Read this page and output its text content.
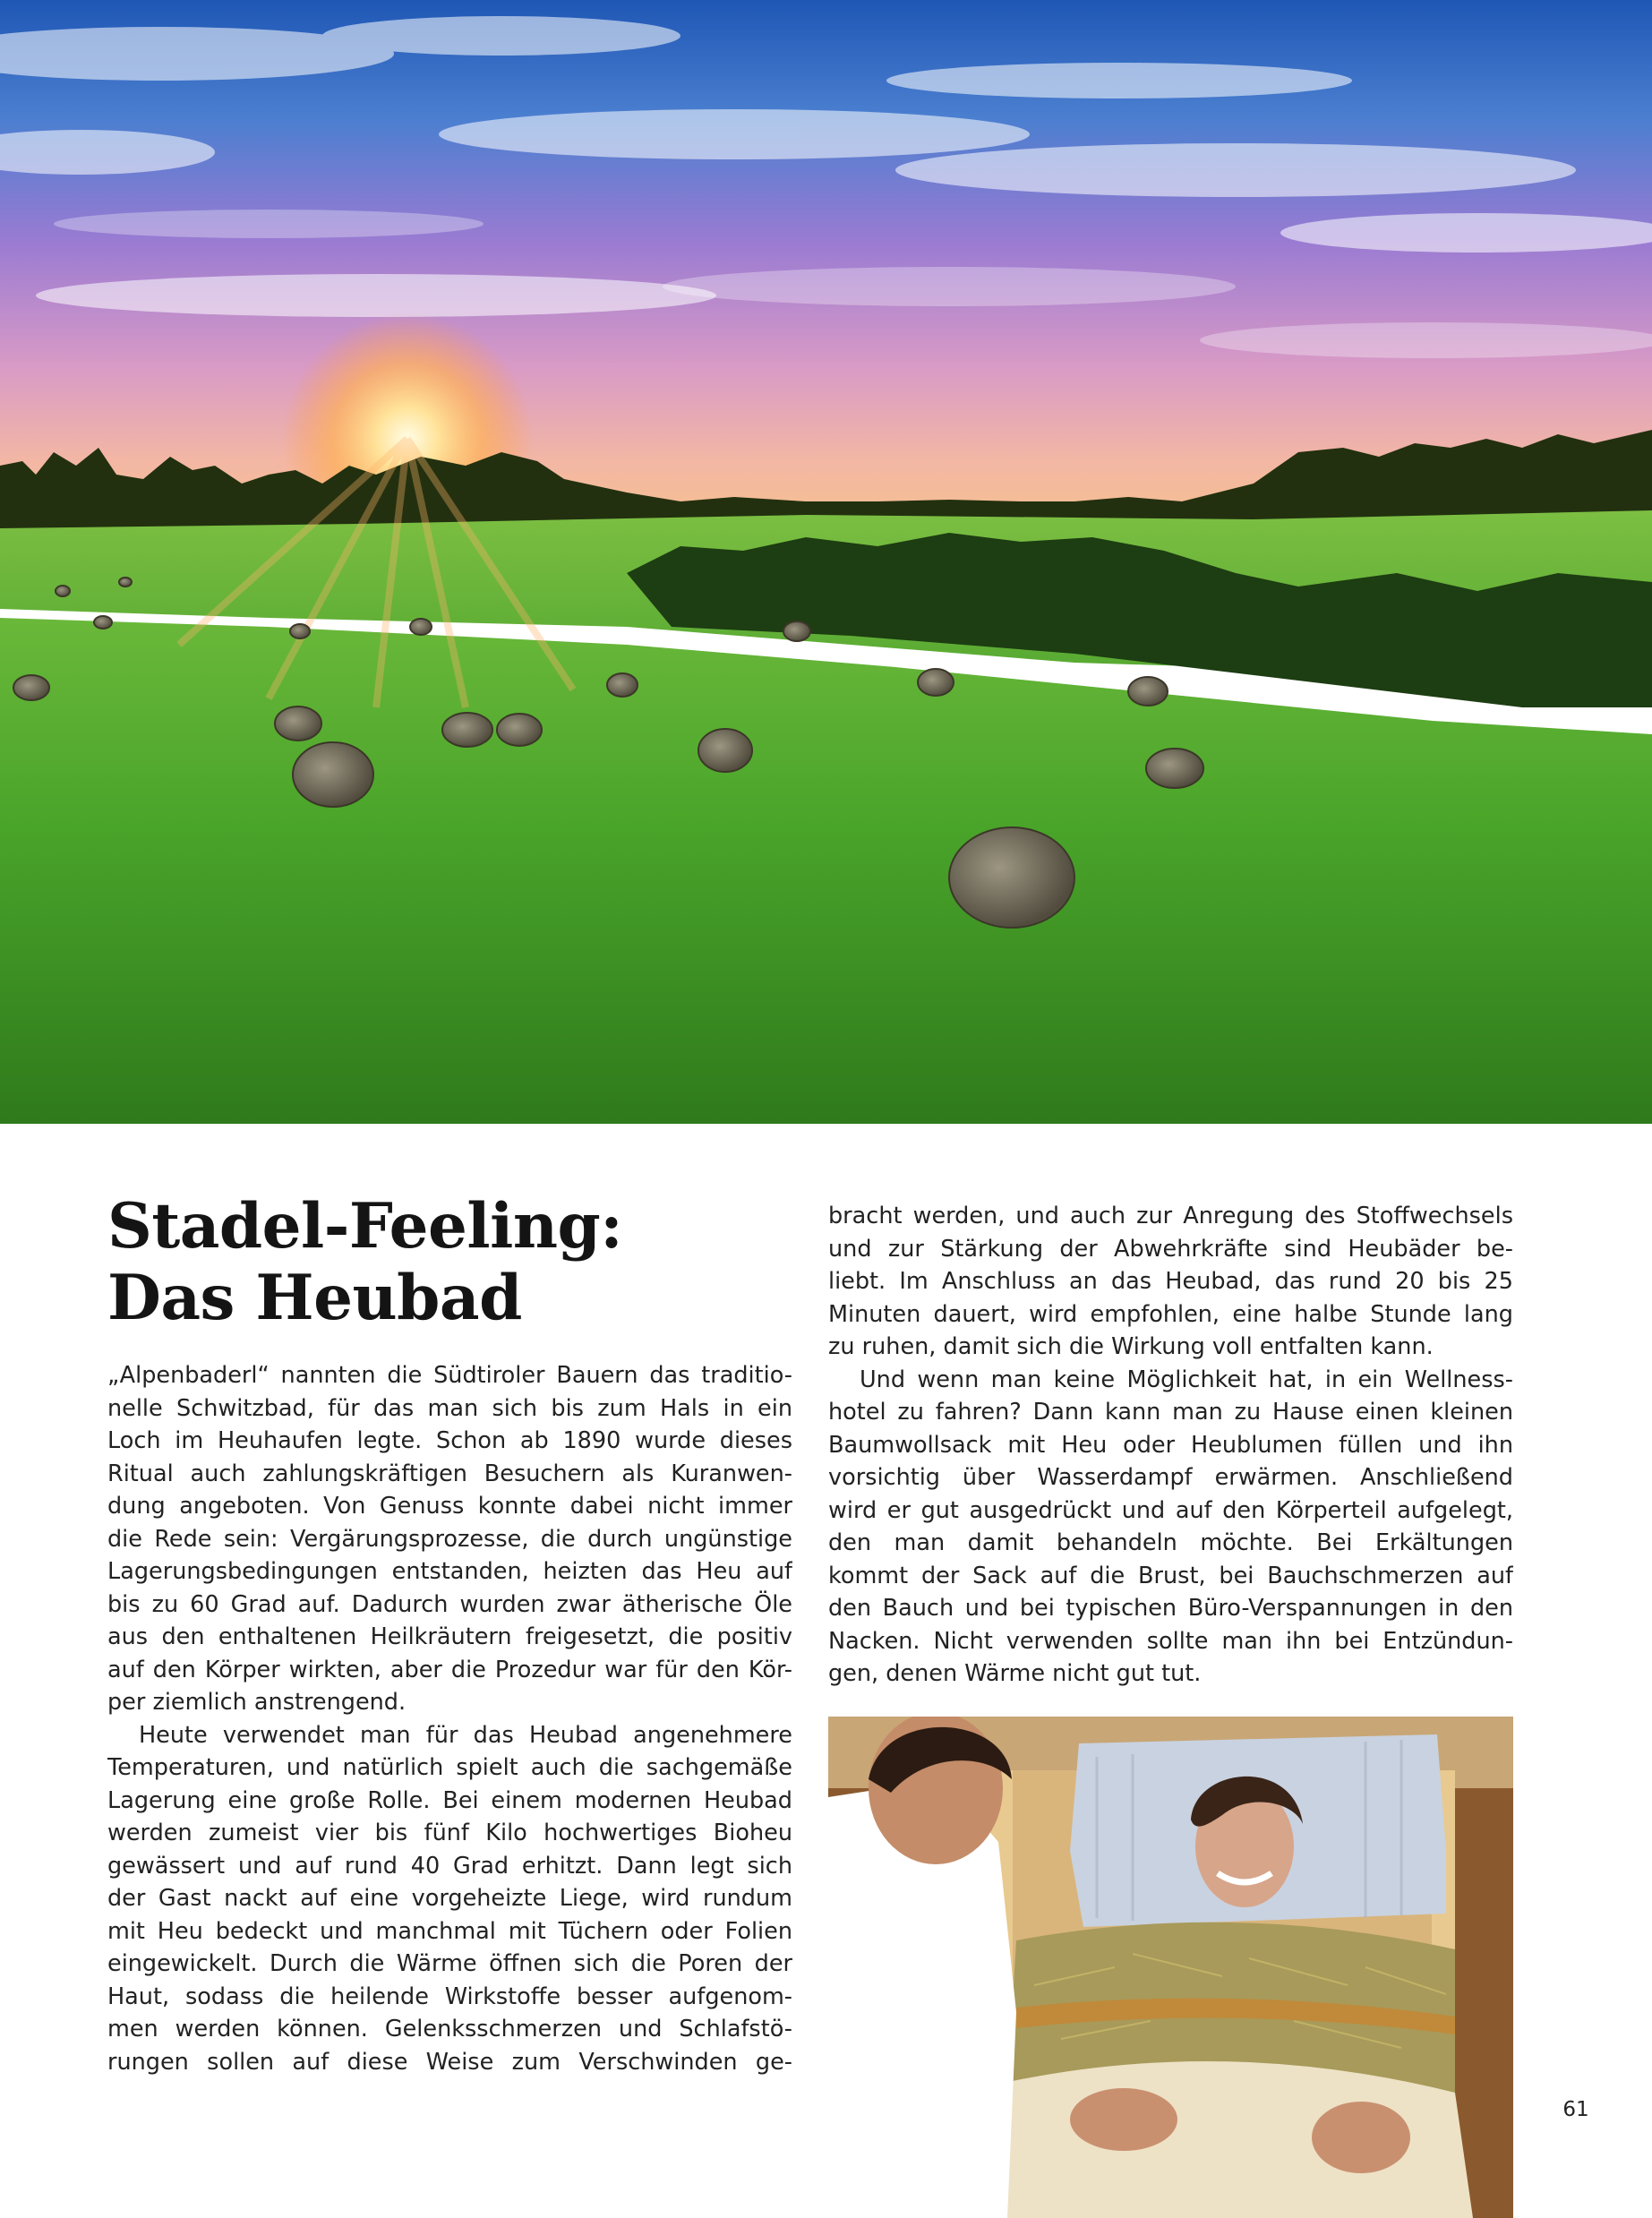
Stadel-Feeling:
Das Heubad
„Alpenbaderl“ nannten die Südtiroler Bauern das traditio-
nelle Schwitzbad, für das man sich bis zum Hals in ein
Loch im Heuhaufen legte. Schon ab 1890 wurde dieses
Ritual auch zahlungskräftigen Besuchern als Kuranwen-
dung angeboten. Von Genuss konnte dabei nicht immer
die Rede sein: Vergärungsprozesse, die durch ungünstige
Lagerungsbedingungen entstanden, heizten das Heu auf
bis zu 60 Grad auf. Dadurch wurden zwar ätherische Öle
aus den enthaltenen Heilkräutern freigesetzt, die positiv
auf den Körper wirkten, aber die Prozedur war für den Kör-
per ziemlich anstrengend.
Heute verwendet man für das Heubad angenehmere
Temperaturen, und natürlich spielt auch die sachgemäße
Lagerung eine große Rolle. Bei einem modernen Heubad
werden zumeist vier bis fünf Kilo hochwertiges Bioheu
gewässert und auf rund 40 Grad erhitzt. Dann legt sich
der Gast nackt auf eine vorgeheizte Liege, wird rundum
mit Heu bedeckt und manchmal mit Tüchern oder Folien
eingewickelt. Durch die Wärme öffnen sich die Poren der
Haut, sodass die heilende Wirkstoffe besser aufgenom-
men werden können. Gelenksschmerzen und Schlafstö-
rungen sollen auf diese Weise zum Verschwinden ge-
bracht werden, und auch zur Anregung des Stoffwechsels
und zur Stärkung der Abwehrkräfte sind Heubäder be-
liebt. Im Anschluss an das Heubad, das rund 20 bis 25
Minuten dauert, wird empfohlen, eine halbe Stunde lang
zu ruhen, damit sich die Wirkung voll entfalten kann.
Und wenn man keine Möglichkeit hat, in ein Wellness-
hotel zu fahren? Dann kann man zu Hause einen kleinen
Baumwollsack mit Heu oder Heublumen füllen und ihn
vorsichtig über Wasserdampf erwärmen. Anschließend
wird er gut ausgedrückt und auf den Körperteil aufgelegt,
den man damit behandeln möchte. Bei Erkältungen
kommt der Sack auf die Brust, bei Bauchschmerzen auf
den Bauch und bei typischen Büro-Verspannungen in den
Nacken. Nicht verwenden sollte man ihn bei Entzündun-
gen, denen Wärme nicht gut tut.
61
